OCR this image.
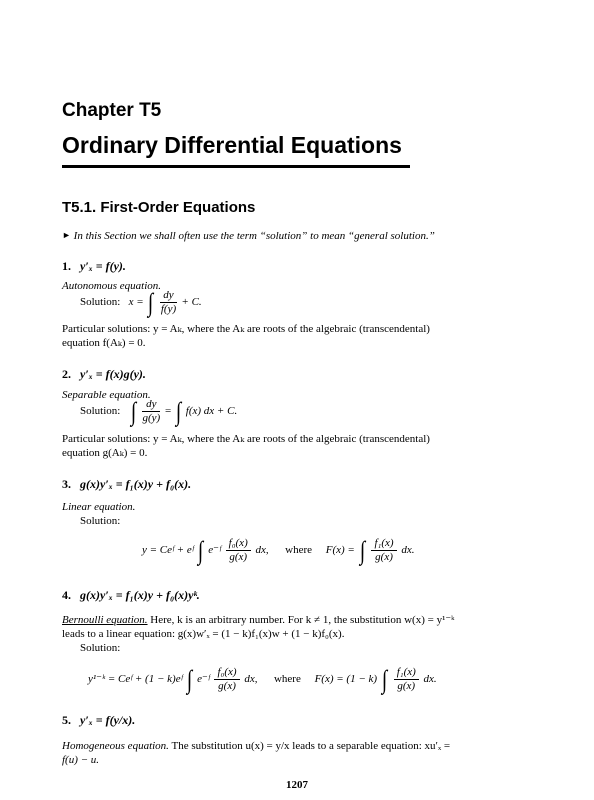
Chapter T5
Ordinary Differential Equations
T5.1. First-Order Equations
► In this Section we shall often use the term “solution” to mean “general solution.”
1. y′ₓ = f(y).
Autonomous equation.
Solution: x = ∫ $\frac{dy}{f(y)} + C$.
Particular solutions: y = Aₖ, where the Aₖ are roots of the algebraic (transcendental)
equation f(Aₖ) = 0.
2. y′ₓ = f(x)g(y).
Separable equation.
Solution: ∫ $\frac{dy}{g(y)}$ = ∫ f(x) dx + C.
Particular solutions: y = Aₖ, where the Aₖ are roots of the algebraic (transcendental)
equation g(Aₖ) = 0.
3. g(x)y′ₓ = f₁(x)y + f₀(x).
Linear equation.
Solution:
y = Ceᶠ + eᶠ ∫ e⁻ᶠ $\frac{\text{f₀(x)}}{g(x)}$ dx, where F(x) = ∫ $\frac{\text{f₁(x)}}{g(x)}$ dx.
4. g(x)y′ₓ = f₁(x)y + f₀(x)yᵏ.
Bernoulli equation. Here, k is an arbitrary number. For k ≠ 1, the substitution w(x) = y¹⁻ᵏ
leads to a linear equation: g(x)w′ₓ = (1 − k)f₁(x)w + (1 − k)f₀(x).
Solution:
y¹⁻ᵏ = Ceᶠ + (1 − k)eᶠ ∫ e⁻ᶠ $\frac{\text{f₀(x)}}{g(x)}$ dx, where F(x) = (1 − k) ∫ $\frac{\text{f₁(x)}}{g(x)}$ dx.
5. y′ₓ = f(y/x).
Homogeneous equation. The substitution u(x) = y/x leads to a separable equation: xu′ₓ =
f(u) − u.
1207
